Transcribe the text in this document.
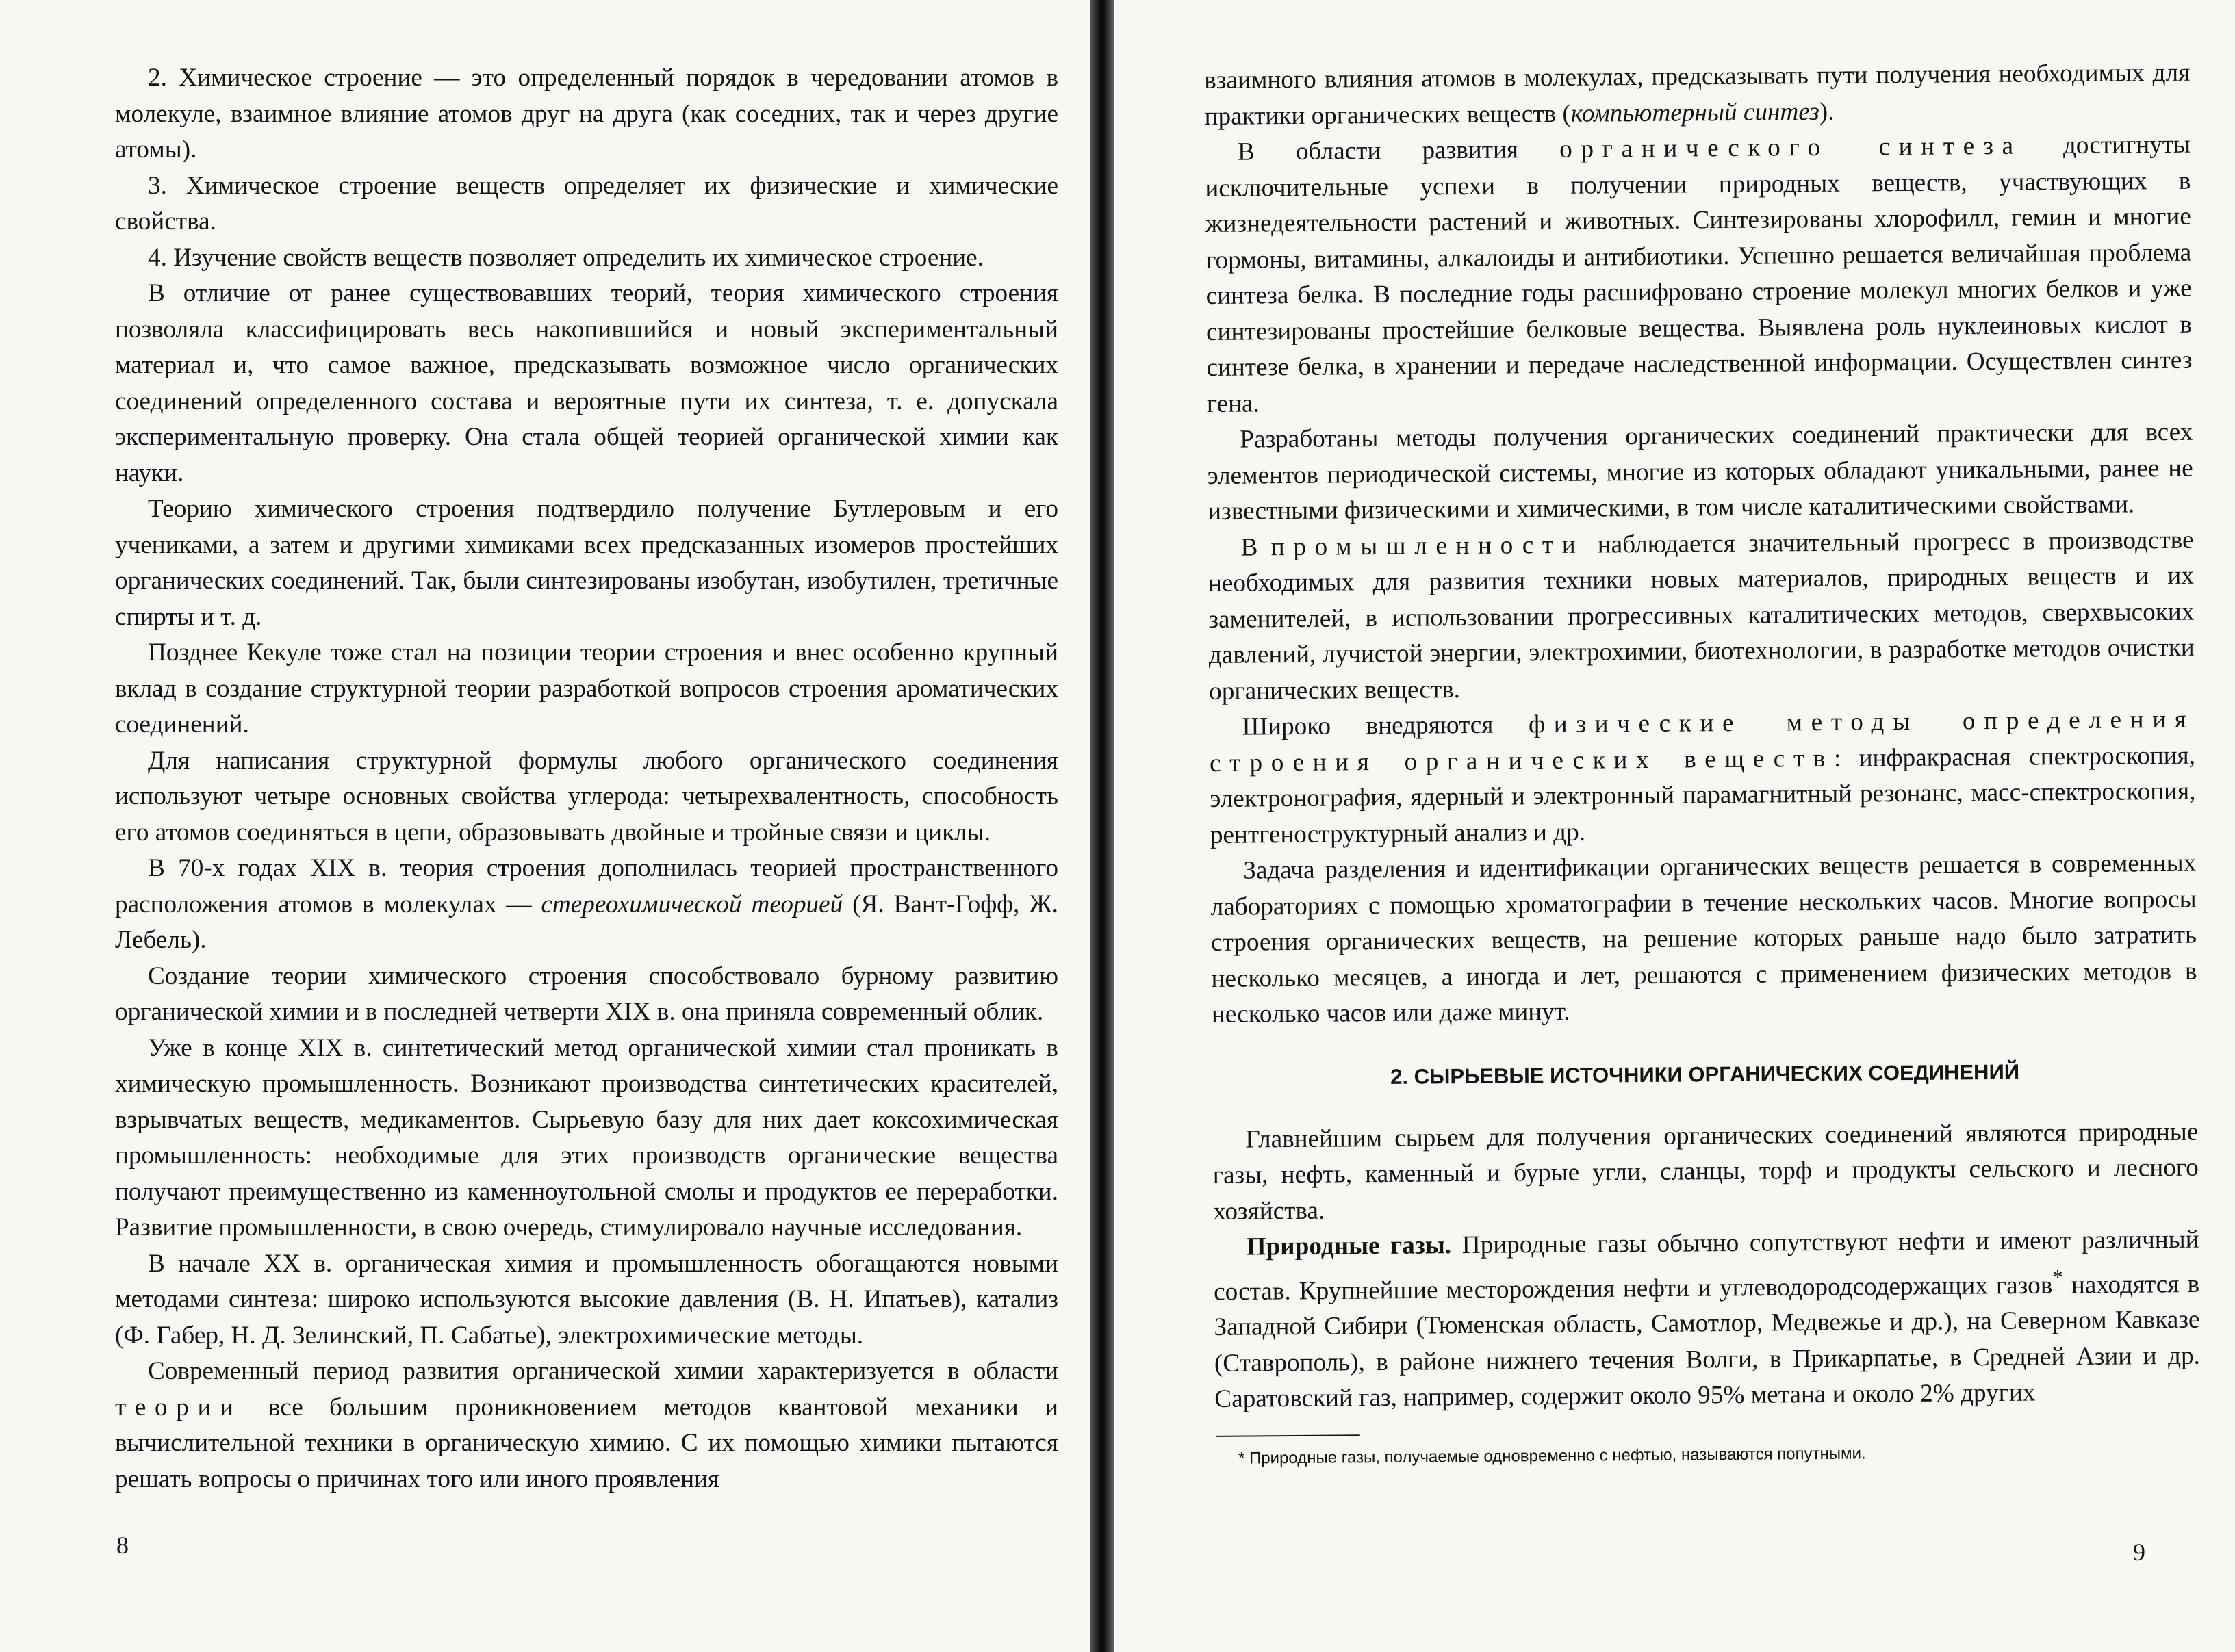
2. Химическое строение — это определенный порядок в чередовании атомов в молекуле, взаимное влияние атомов друг на друга (как соседних, так и через другие атомы).

3. Химическое строение веществ определяет их физические и химические свойства.

4. Изучение свойств веществ позволяет определить их химическое строение.

В отличие от ранее существовавших теорий, теория химического строения позволяла классифицировать весь накопившийся и новый экспериментальный материал и, что самое важное, предсказывать возможное число органических соединений определенного состава и вероятные пути их синтеза, т. е. допускала экспериментальную проверку. Она стала общей теорией органической химии как науки.

Теорию химического строения подтвердило получение Бутлеровым и его учениками, а затем и другими химиками всех предсказанных изомеров простейших органических соединений. Так, были синтезированы изобутан, изобутилен, третичные спирты и т. д.

Позднее Кекуле тоже стал на позиции теории строения и внес особенно крупный вклад в создание структурной теории разработкой вопросов строения ароматических соединений.

Для написания структурной формулы любого органического соединения используют четыре основных свойства углерода: четырехвалентность, способность его атомов соединяться в цепи, образовывать двойные и тройные связи и циклы.

В 70-х годах XIX в. теория строения дополнилась теорией пространственного расположения атомов в молекулах — стереохимической теорией (Я. Вант-Гофф, Ж. Лебель).

Создание теории химического строения способствовало бурному развитию органической химии и в последней четверти XIX в. она приняла современный облик.

Уже в конце XIX в. синтетический метод органической химии стал проникать в химическую промышленность. Возникают производства синтетических красителей, взрывчатых веществ, медикаментов. Сырьевую базу для них дает коксохимическая промышленность: необходимые для этих производств органические вещества получают преимущественно из каменноугольной смолы и продуктов ее переработки. Развитие промышленности, в свою очередь, стимулировало научные исследования.

В начале XX в. органическая химия и промышленность обогащаются новыми методами синтеза: широко используются высокие давления (В. Н. Ипатьев), катализ (Ф. Габер, Н. Д. Зелинский, П. Сабатье), электрохимические методы.

Современный период развития органической химии характеризуется в области теории все большим проникновением методов квантовой механики и вычислительной техники в органическую химию. С их помощью химики пытаются решать вопросы о причинах того или иного проявления

8

взаимного влияния атомов в молекулах, предсказывать пути получения необходимых для практики органических веществ (компьютерный синтез).

В области развития органического синтеза достигнуты исключительные успехи в получении природных веществ, участвующих в жизнедеятельности растений и животных. Синтезированы хлорофилл, гемин и многие гормоны, витамины, алкалоиды и антибиотики. Успешно решается величайшая проблема синтеза белка. В последние годы расшифровано строение молекул многих белков и уже синтезированы простейшие белковые вещества. Выявлена роль нуклеиновых кислот в синтезе белка, в хранении и передаче наследственной информации. Осуществлен синтез гена.

Разработаны методы получения органических соединений практически для всех элементов периодической системы, многие из которых обладают уникальными, ранее не известными физическими и химическими, в том числе каталитическими свойствами.

В промышленности наблюдается значительный прогресс в производстве необходимых для развития техники новых материалов, природных веществ и их заменителей, в использовании прогрессивных каталитических методов, сверхвысоких давлений, лучистой энергии, электрохимии, биотехнологии, в разработке методов очистки органических веществ.

Широко внедряются физические методы определения строения органических веществ: инфракрасная спектроскопия, электронография, ядерный и электронный парамагнитный резонанс, масс-спектроскопия, рентгеноструктурный анализ и др.

Задача разделения и идентификации органических веществ решается в современных лабораториях с помощью хроматографии в течение нескольких часов. Многие вопросы строения органических веществ, на решение которых раньше надо было затратить несколько месяцев, а иногда и лет, решаются с применением физических методов в несколько часов или даже минут.

2. СЫРЬЕВЫЕ ИСТОЧНИКИ ОРГАНИЧЕСКИХ СОЕДИНЕНИЙ

Главнейшим сырьем для получения органических соединений являются природные газы, нефть, каменный и бурые угли, сланцы, торф и продукты сельского и лесного хозяйства.

Природные газы. Природные газы обычно сопутствуют нефти и имеют различный состав. Крупнейшие месторождения нефти и углеводородсодержащих газов* находятся в Западной Сибири (Тюменская область, Самотлор, Медвежье и др.), на Северном Кавказе (Ставрополь), в районе нижнего течения Волги, в Прикарпатье, в Средней Азии и др. Саратовский газ, например, содержит около 95% метана и около 2% других

* Природные газы, получаемые одновременно с нефтью, называются попутными.

9
